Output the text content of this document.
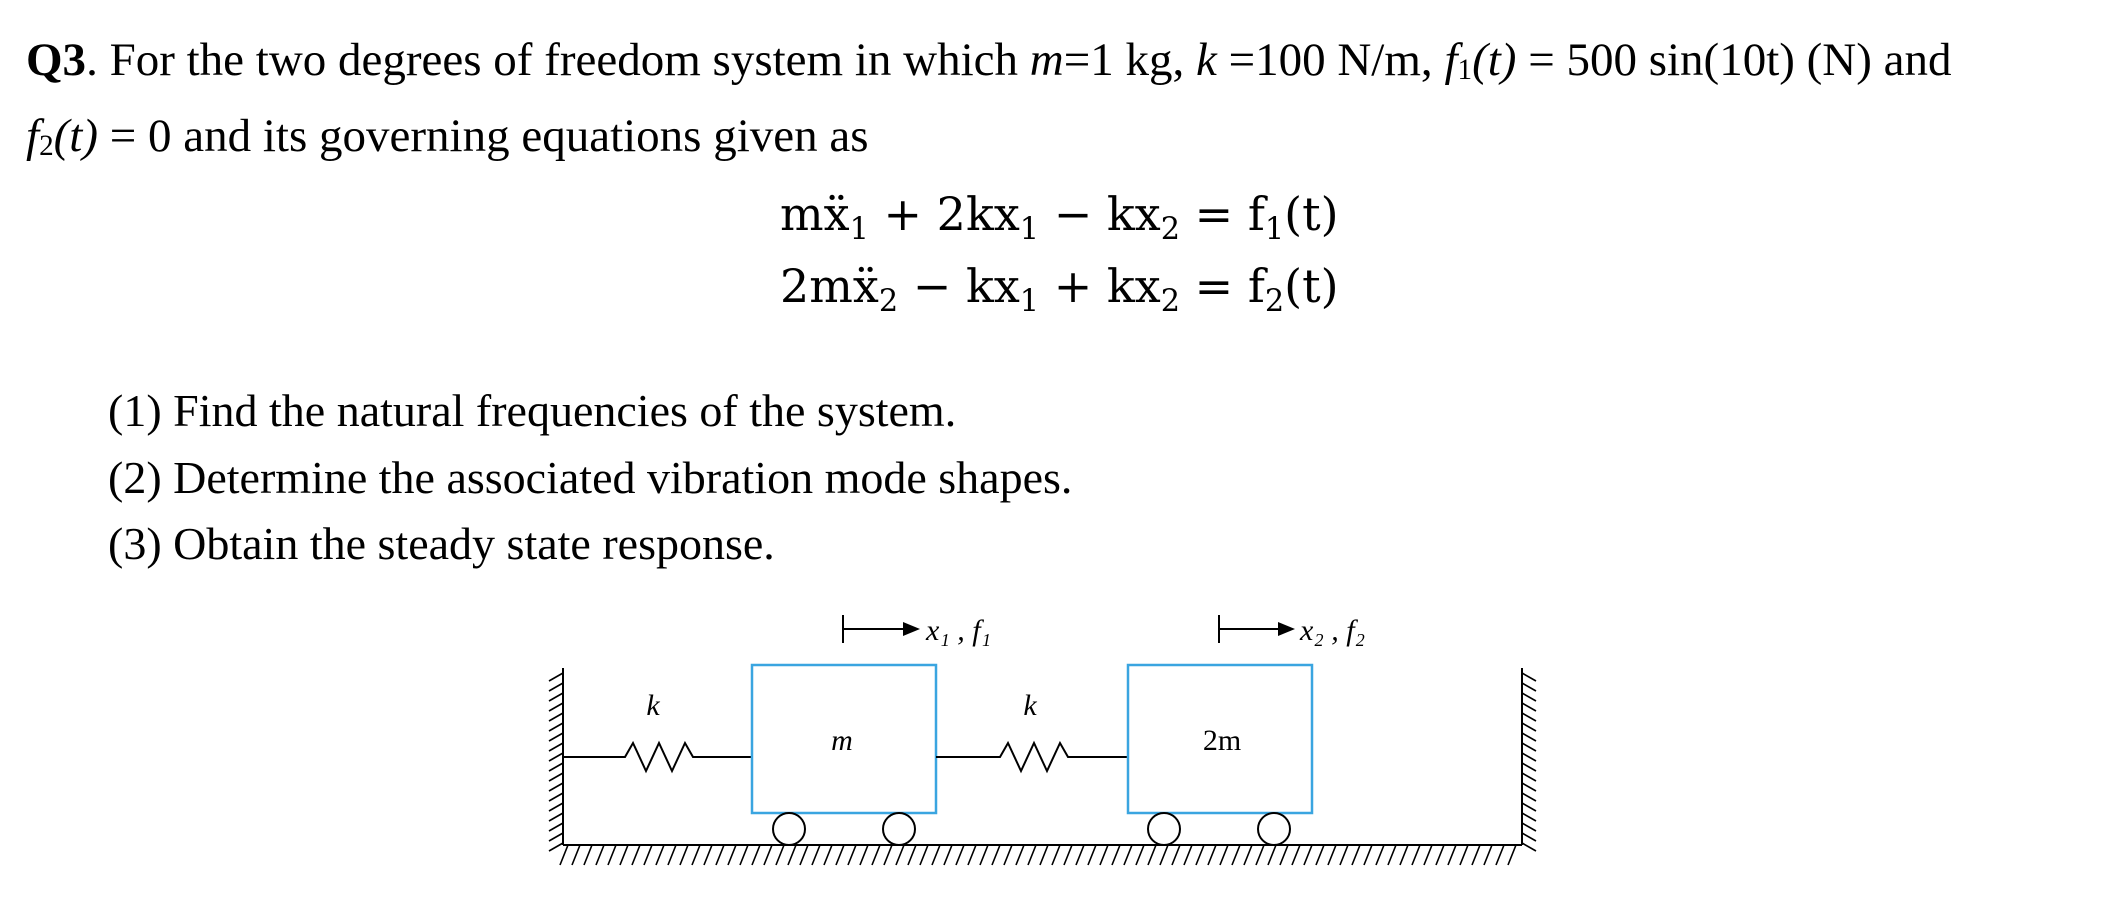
Q3. For the two degrees of freedom system in which m=1 kg, k =100 N/m, f1(t) = 500 sin(10t) (N) and
f2(t) = 0 and its governing equations given as
mẍ1 + 2kx1 − kx2 = f1(t)
2mẍ2 − kx1 + kx2 = f2(t)
(1) Find the natural frequencies of the system.
(2) Determine the associated vibration mode shapes.
(3) Obtain the steady state response.
k
m
x₁ , f₁
k
2m
x₂ , f₂
